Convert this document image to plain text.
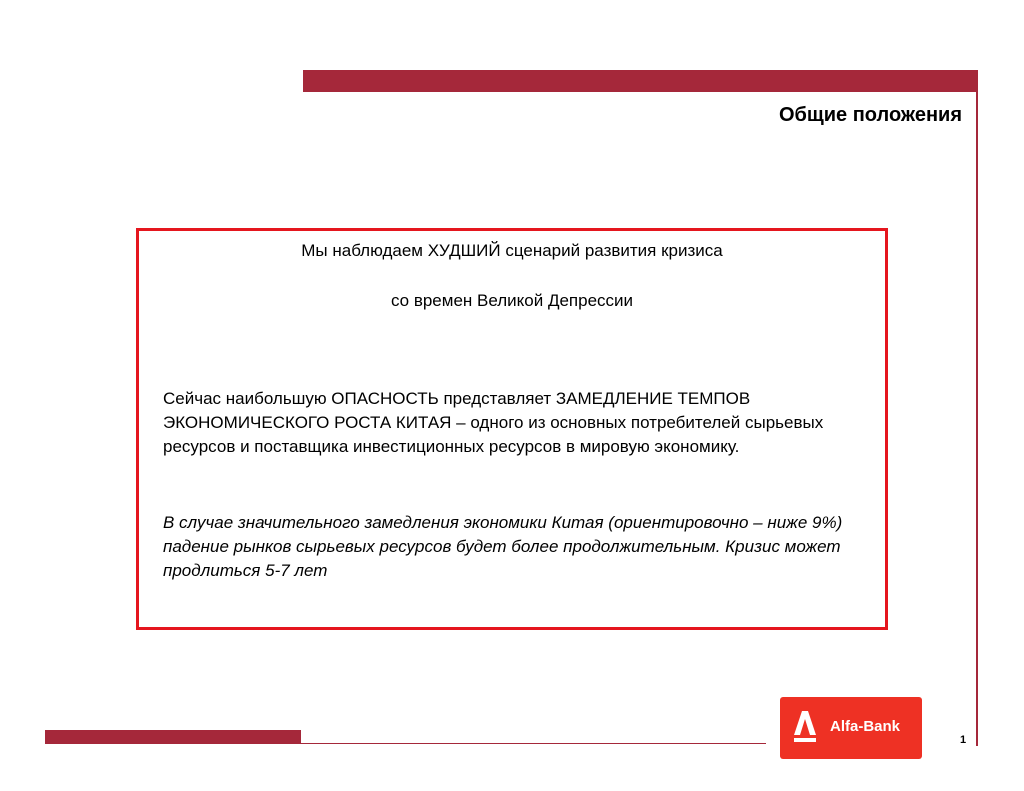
Общие положения
Мы наблюдаем ХУДШИЙ сценарий развития кризиса
со времен Великой Депрессии
Сейчас наибольшую ОПАСНОСТЬ представляет ЗАМЕДЛЕНИЕ ТЕМПОВ ЭКОНОМИЧЕСКОГО РОСТА КИТАЯ – одного из основных потребителей сырьевых ресурсов и поставщика инвестиционных ресурсов в мировую экономику.
В случае значительного замедления экономики Китая (ориентировочно – ниже 9%) падение рынков сырьевых ресурсов будет более продолжительным. Кризис может продлиться 5-7 лет
Alfa-Bank
1
